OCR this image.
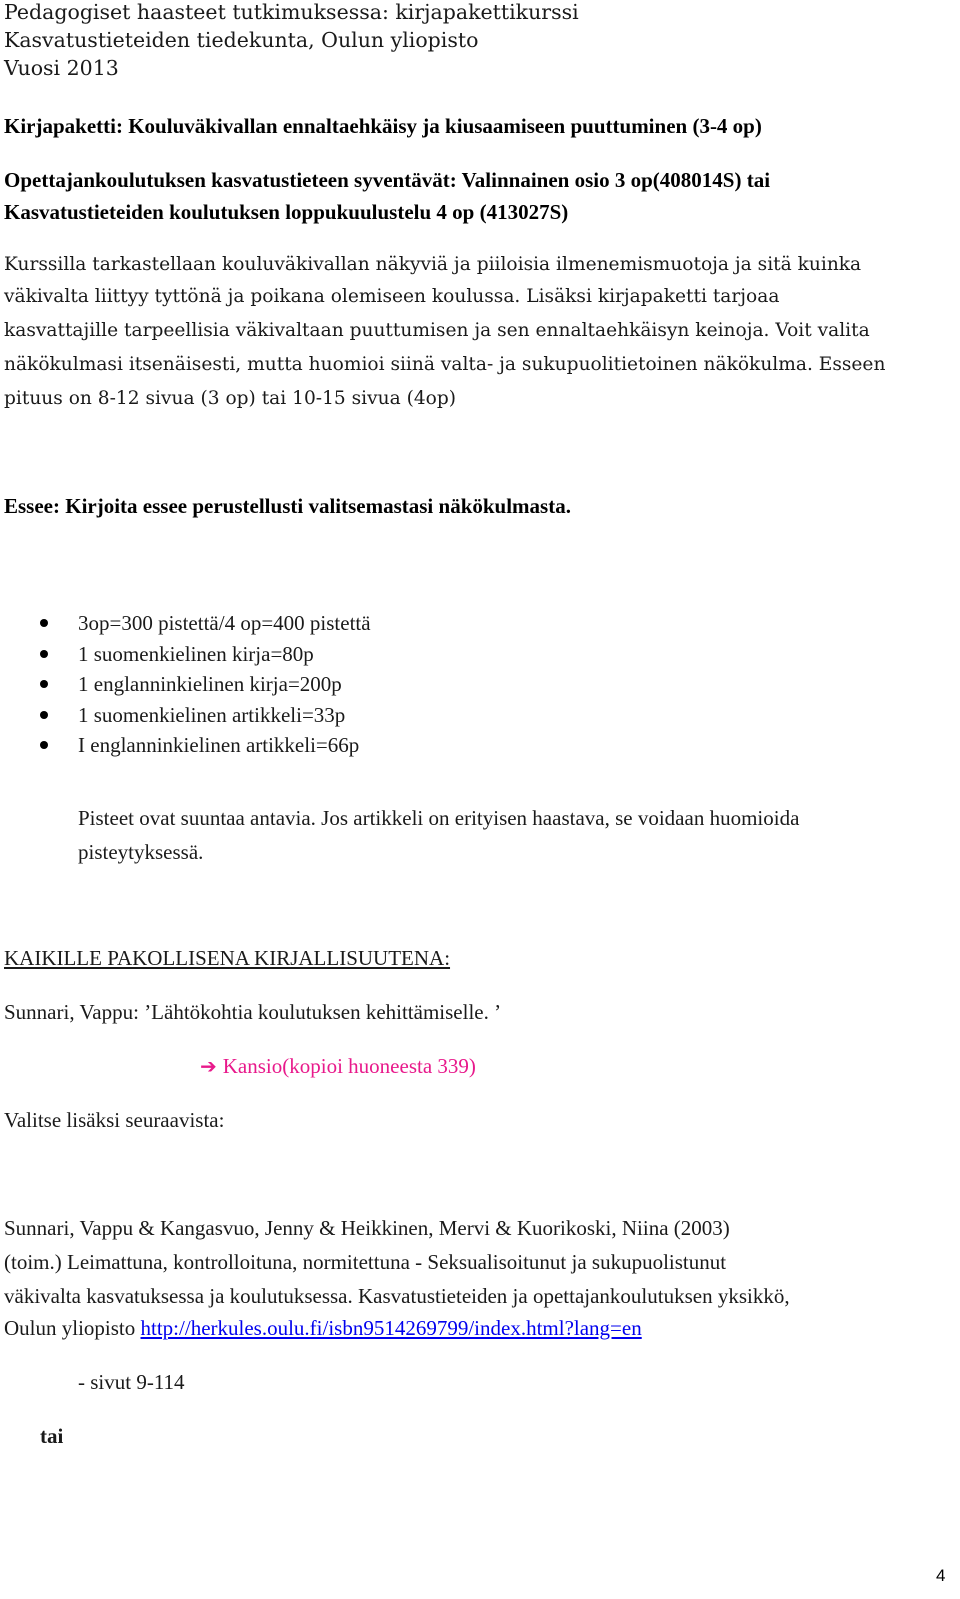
Pedagogiset haasteet tutkimuksessa: kirjapakettikurssi
Kasvatustieteiden tiedekunta, Oulun yliopisto
Vuosi 2013
Kirjapaketti: Kouluväkivallan ennaltaehkäisy ja kiusaamiseen puuttuminen (3-4 op)
Opettajankoulutuksen kasvatustieteen syventävät: Valinnainen osio 3 op(408014S) tai
Kasvatustieteiden koulutuksen loppukuulustelu 4 op (413027S)
Kurssilla tarkastellaan kouluväkivallan näkyviä ja piiloisia ilmenemismuotoja ja sitä kuinka
väkivalta liittyy tyttönä ja poikana olemiseen koulussa. Lisäksi kirjapaketti tarjoaa
kasvattajille tarpeellisia väkivaltaan puuttumisen ja sen ennaltaehkäisyn keinoja. Voit valita
näkökulmasi itsenäisesti, mutta huomioi siinä valta- ja sukupuolitietoinen näkökulma. Esseen
pituus on 8-12 sivua (3 op) tai 10-15 sivua (4op)
Essee: Kirjoita essee perustellusti valitsemastasi näkökulmasta.
3op=300 pistettä/4 op=400 pistettä
1 suomenkielinen kirja=80p
1 englanninkielinen kirja=200p
1 suomenkielinen artikkeli=33p
I englanninkielinen artikkeli=66p
Pisteet ovat suuntaa antavia. Jos artikkeli on erityisen haastava, se voidaan huomioida
pisteytyksessä.
KAIKILLE PAKOLLISENA KIRJALLISUUTENA:
Sunnari, Vappu: ’Lähtökohtia koulutuksen kehittämiselle. ’
➔ Kansio(kopioi huoneesta 339)
Valitse lisäksi seuraavista:
Sunnari, Vappu & Kangasvuo, Jenny & Heikkinen, Mervi & Kuorikoski, Niina (2003)
(toim.) Leimattuna, kontrolloituna, normitettuna - Seksualisoitunut ja sukupuolistunut
väkivalta kasvatuksessa ja koulutuksessa. Kasvatustieteiden ja opettajankoulutuksen yksikkö,
Oulun yliopisto http://herkules.oulu.fi/isbn9514269799/index.html?lang=en
- sivut 9-114
tai
4
